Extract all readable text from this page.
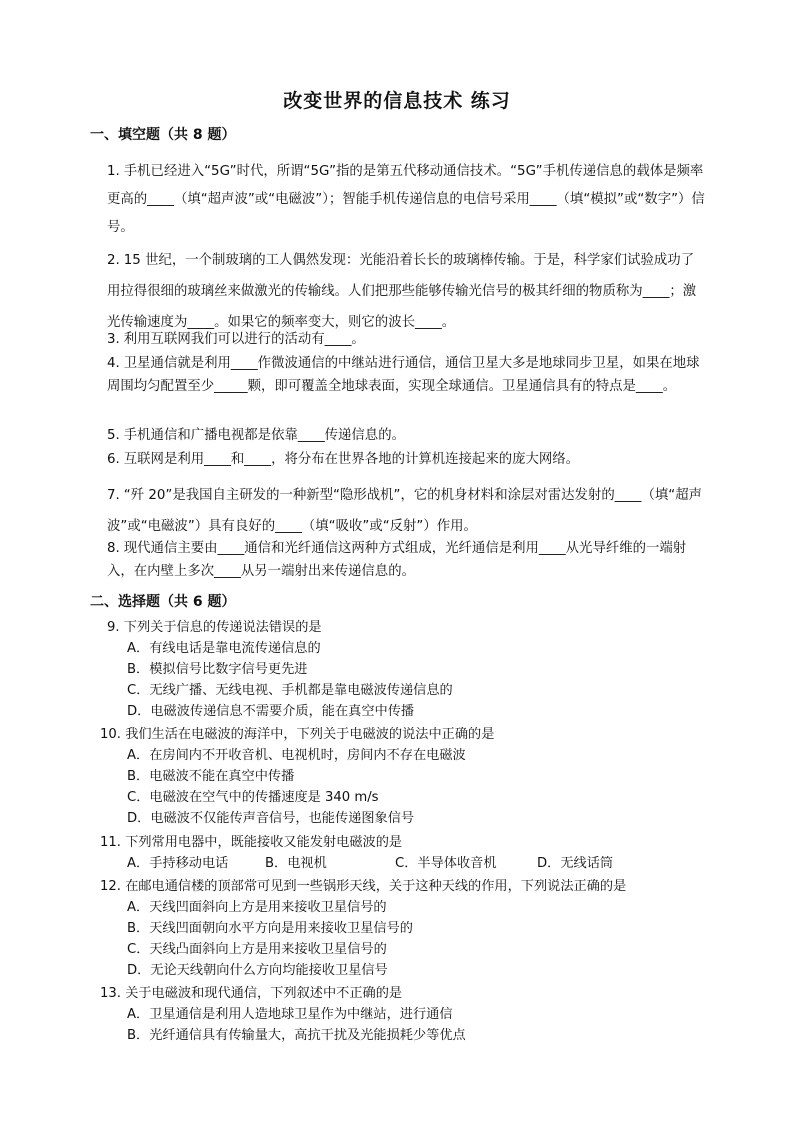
改变世界的信息技术 练习
一、填空题（共 8 题）
1. 手机已经进入“5G”时代，所谓“5G”指的是第五代移动通信技术。“5G”手机传递信息的载体是频率更高的____（填“超声波”或“电磁波”）；智能手机传递信息的电信号采用____（填“模拟”或“数字”）信号。
2. 15 世纪，一个制玻璃的工人偶然发现：光能沿着长长的玻璃棒传输。于是，科学家们试验成功了用拉得很细的玻璃丝来做激光的传输线。人们把那些能够传输光信号的极其纤细的物质称为____；激光传输速度为____。如果它的频率变大，则它的波长____。
3. 利用互联网我们可以进行的活动有____。
4. 卫星通信就是利用____作微波通信的中继站进行通信，通信卫星大多是地球同步卫星，如果在地球周围均匀配置至少_____颗，即可覆盖全地球表面，实现全球通信。卫星通信具有的特点是____。
5. 手机通信和广播电视都是依靠____传递信息的。
6. 互联网是利用____和____，将分布在世界各地的计算机连接起来的庞大网络。
7. “歼 20”是我国自主研发的一种新型“隐形战机”，它的机身材料和涂层对雷达发射的____（填“超声波”或“电磁波”）具有良好的____（填“吸收”或“反射”）作用。
8. 现代通信主要由____通信和光纤通信这两种方式组成，光纤通信是利用____从光导纤维的一端射入，在内壁上多次____从另一端射出来传递信息的。
二、选择题（共 6 题）
9. 下列关于信息的传递说法错误的是
A．有线电话是靠电流传递信息的
B．模拟信号比数字信号更先进
C．无线广播、无线电视、手机都是靠电磁波传递信息的
D．电磁波传递信息不需要介质，能在真空中传播
10. 我们生活在电磁波的海洋中，下列关于电磁波的说法中正确的是
A．在房间内不开收音机、电视机时，房间内不存在电磁波
B．电磁波不能在真空中传播
C．电磁波在空气中的传播速度是 340 m/s
D．电磁波不仅能传声音信号，也能传递图象信号
11. 下列常用电器中，既能接收又能发射电磁波的是
A．手持移动电话	B．电视机	C．半导体收音机	D．无线话筒
12. 在邮电通信楼的顶部常可见到一些锅形天线，关于这种天线的作用，下列说法正确的是
A．天线凹面斜向上方是用来接收卫星信号的
B．天线凹面朝向水平方向是用来接收卫星信号的
C．天线凸面斜向上方是用来接收卫星信号的
D．无论天线朝向什么方向均能接收卫星信号
13. 关于电磁波和现代通信，下列叙述中不正确的是
A．卫星通信是利用人造地球卫星作为中继站，进行通信
B．光纤通信具有传输量大，高抗干扰及光能损耗少等优点
